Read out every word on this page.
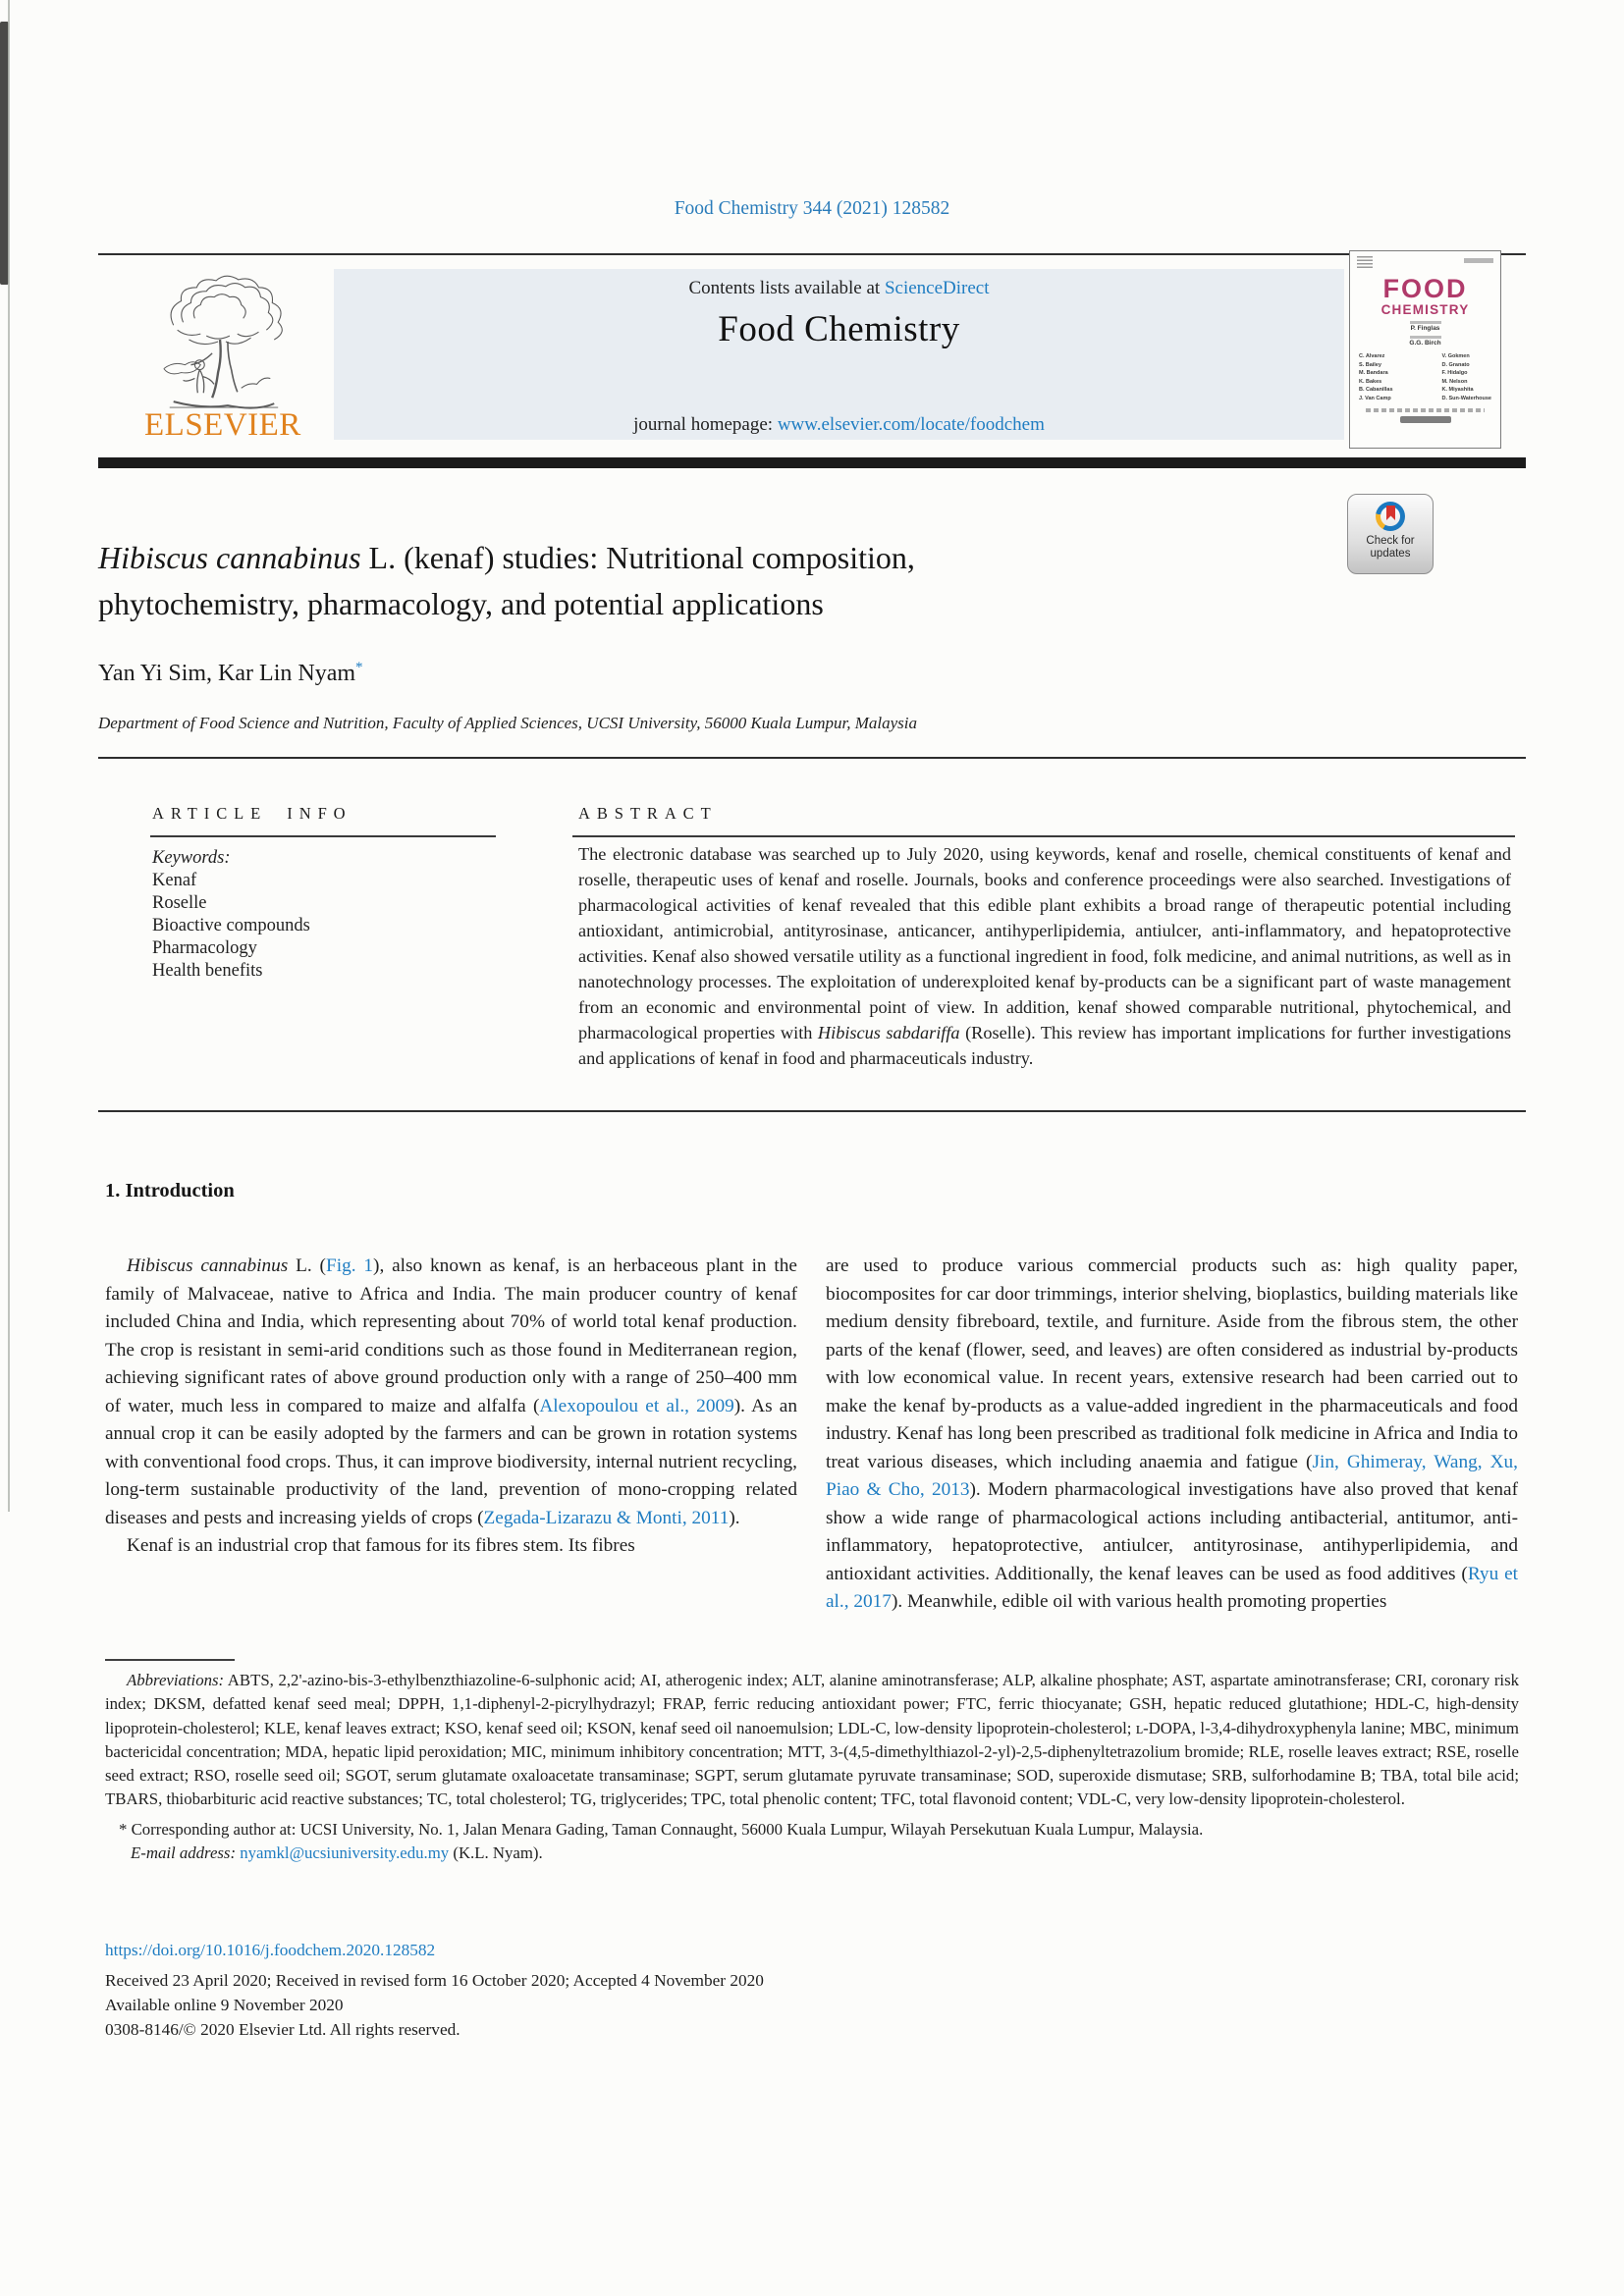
Food Chemistry 344 (2021) 128582
Contents lists available at ScienceDirect
Food Chemistry
journal homepage: www.elsevier.com/locate/foodchem
ELSEVIER
FOOD
CHEMISTRY
P. Finglas
G.G. Birch
C. Alvarez
S. Bailey
M. Bandara
K. Bakes
B. Cabanillas
J. Van Camp
V. Gokmen
D. Granato
F. Hidalgo
M. Nelson
K. Miyashita
D. Sun-Waterhouse
Check for
updates
Hibiscus cannabinus L. (kenaf) studies: Nutritional composition,
phytochemistry, pharmacology, and potential applications
Yan Yi Sim, Kar Lin Nyam*
Department of Food Science and Nutrition, Faculty of Applied Sciences, UCSI University, 56000 Kuala Lumpur, Malaysia
ARTICLE INFO	ABSTRACT
Keywords:
Kenaf
Roselle
Bioactive compounds
Pharmacology
Health benefits
The electronic database was searched up to July 2020, using keywords, kenaf and roselle, chemical constituents of kenaf and roselle, therapeutic uses of kenaf and roselle. Journals, books and conference proceedings were also searched. Investigations of pharmacological activities of kenaf revealed that this edible plant exhibits a broad range of therapeutic potential including antioxidant, antimicrobial, antityrosinase, anticancer, antihyperlipidemia, antiulcer, anti-inflammatory, and hepatoprotective activities. Kenaf also showed versatile utility as a functional ingredient in food, folk medicine, and animal nutritions, as well as in nanotechnology processes. The exploitation of underexploited kenaf by-products can be a significant part of waste management from an economic and environmental point of view. In addition, kenaf showed comparable nutritional, phytochemical, and pharmacological properties with Hibiscus sabdariffa (Roselle). This review has important implications for further investigations and applications of kenaf in food and pharmaceuticals industry.
1. Introduction

Hibiscus cannabinus L. (Fig. 1), also known as kenaf, is an herbaceous plant in the family of Malvaceae, native to Africa and India. The main producer country of kenaf included China and India, which representing about 70% of world total kenaf production. The crop is resistant in semi-arid conditions such as those found in Mediterranean region, achieving significant rates of above ground production only with a range of 250–400 mm of water, much less in compared to maize and alfalfa (Alexopoulou et al., 2009). As an annual crop it can be easily adopted by the farmers and can be grown in rotation systems with conventional food crops. Thus, it can improve biodiversity, internal nutrient recycling, long-term sustainable productivity of the land, prevention of mono-cropping related diseases and pests and increasing yields of crops (Zegada-Lizarazu & Monti, 2011).

Kenaf is an industrial crop that famous for its fibres stem. Its fibres

are used to produce various commercial products such as: high quality paper, biocomposites for car door trimmings, interior shelving, bioplastics, building materials like medium density fibreboard, textile, and furniture. Aside from the fibrous stem, the other parts of the kenaf (flower, seed, and leaves) are often considered as industrial by-products with low economical value. In recent years, extensive research had been carried out to make the kenaf by-products as a value-added ingredient in the pharmaceuticals and food industry. Kenaf has long been prescribed as traditional folk medicine in Africa and India to treat various diseases, which including anaemia and fatigue (Jin, Ghimeray, Wang, Xu, Piao & Cho, 2013). Modern pharmacological investigations have also proved that kenaf show a wide range of pharmacological actions including antibacterial, antitumor, anti-inflammatory, hepatoprotective, antiulcer, antityrosinase, antihyperlipidemia, and antioxidant activities. Additionally, the kenaf leaves can be used as food additives (Ryu et al., 2017). Meanwhile, edible oil with various health promoting properties

Abbreviations: ABTS, 2,2'-azino-bis-3-ethylbenzthiazoline-6-sulphonic acid; AI, atherogenic index; ALT, alanine aminotransferase; ALP, alkaline phosphate; AST, aspartate aminotransferase; CRI, coronary risk index; DKSM, defatted kenaf seed meal; DPPH, 1,1-diphenyl-2-picrylhydrazyl; FRAP, ferric reducing antioxidant power; FTC, ferric thiocyanate; GSH, hepatic reduced glutathione; HDL-C, high-density lipoprotein-cholesterol; KLE, kenaf leaves extract; KSO, kenaf seed oil; KSON, kenaf seed oil nanoemulsion; LDL-C, low-density lipoprotein-cholesterol; ʟ-DOPA, l-3,4-dihydroxyphenyla lanine; MBC, minimum bactericidal concentration; MDA, hepatic lipid peroxidation; MIC, minimum inhibitory concentration; MTT, 3-(4,5-dimethylthiazol-2-yl)-2,5-diphenyltetrazolium bromide; RLE, roselle leaves extract; RSE, roselle seed extract; RSO, roselle seed oil; SGOT, serum glutamate oxaloacetate transaminase; SGPT, serum glutamate pyruvate transaminase; SOD, superoxide dismutase; SRB, sulforhodamine B; TBA, total bile acid; TBARS, thiobarbituric acid reactive substances; TC, total cholesterol; TG, triglycerides; TPC, total phenolic content; TFC, total flavonoid content; VDL-C, very low-density lipoprotein-cholesterol.

* Corresponding author at: UCSI University, No. 1, Jalan Menara Gading, Taman Connaught, 56000 Kuala Lumpur, Wilayah Persekutuan Kuala Lumpur, Malaysia.

E-mail address: nyamkl@ucsiuniversity.edu.my (K.L. Nyam).

https://doi.org/10.1016/j.foodchem.2020.128582
Received 23 April 2020; Received in revised form 16 October 2020; Accepted 4 November 2020
Available online 9 November 2020
0308-8146/© 2020 Elsevier Ltd. All rights reserved.
